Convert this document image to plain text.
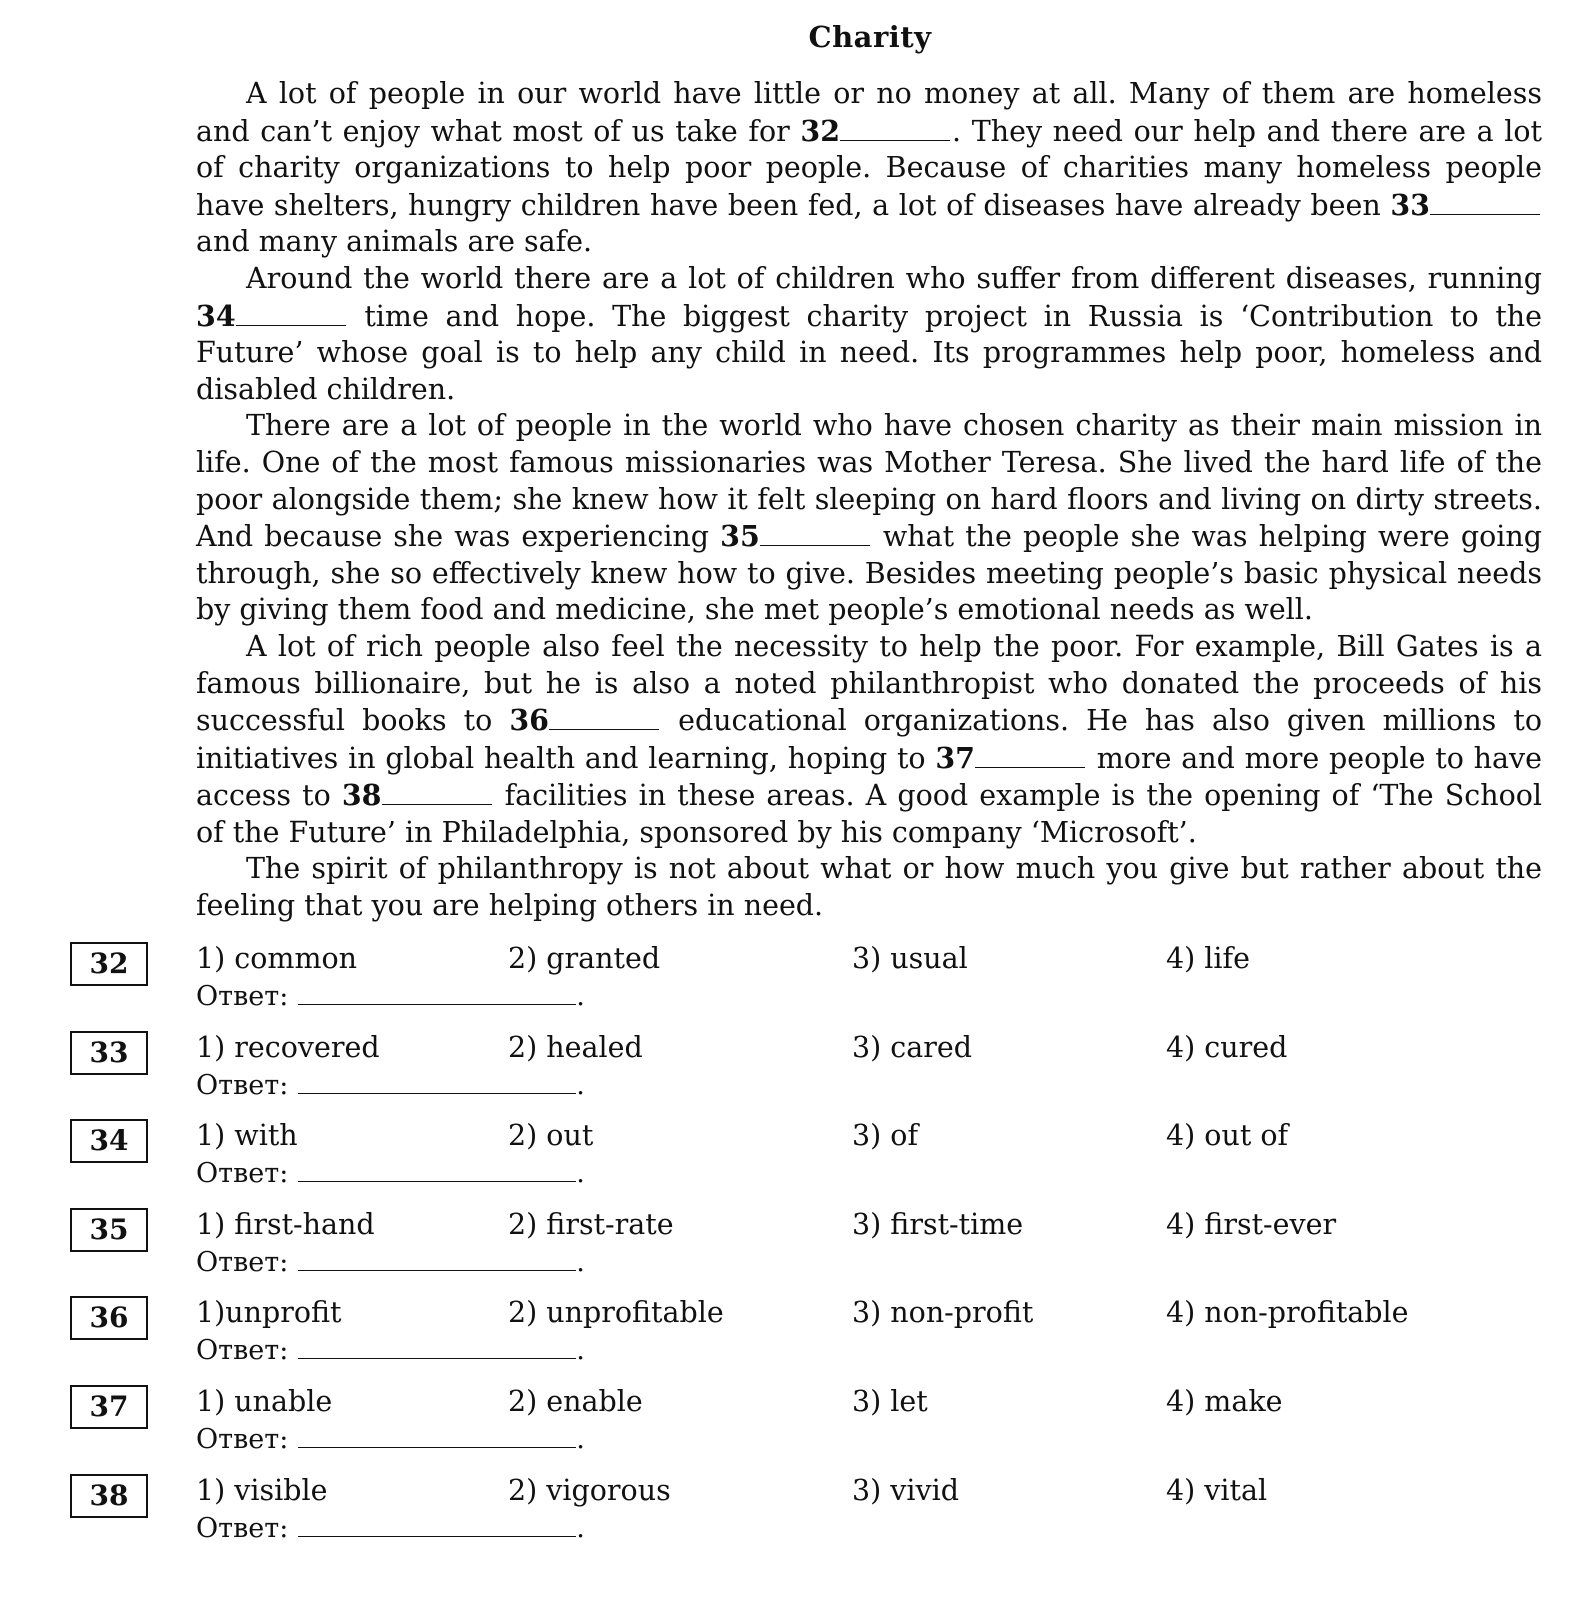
Charity

A lot of people in our world have little or no money at all. Many of them are homeless and can’t enjoy what most of us take for 32	. They need our help and there are a lot of charity organizations to help poor people. Because of charities many homeless people have shelters, hungry children have been fed, a lot of diseases have already been 33 and many animals are safe.

Around the world there are a lot of children who suffer from different diseases, running 34	time and hope. The biggest charity project in Russia is ‘Contribution to the Future’ whose goal is to help any child in need. Its programmes help poor, homeless and disabled children.

There are a lot of people in the world who have chosen charity as their main mission in life. One of the most famous missionaries was Mother Teresa. She lived the hard life of the poor alongside them; she knew how it felt sleeping on hard floors and living on dirty streets. And because she was experiencing 35	what the people she was helping were going through, she so effectively knew how to give. Besides meeting people’s basic physical needs by giving them food and medicine, she met people’s emotional needs as well.

A lot of rich people also feel the necessity to help the poor. For example, Bill Gates is a famous billionaire, but he is also a noted philanthropist who donated the proceeds of his successful books to 36	educational organizations. He has also given millions to initiatives in global health and learning, hoping to 37	more and more people to have access to 38	facilities in these areas. A good example is the opening of ‘The School of the Future’ in Philadelphia, sponsored by his company ‘Microsoft’.

The spirit of philanthropy is not about what or how much you give but rather about the feeling that you are helping others in need.

32	1) common	2) granted	3) usual	4) life
Ответ:	.
33	1) recovered	2) healed	3) cared	4) cured
Ответ:	.
34	1) with	2) out	3) of	4) out of
Ответ:	.
35	1) first-hand	2) first-rate	3) first-time	4) first-ever
Ответ:	.
36	1)unprofit	2) unprofitable	3) non-profit	4) non-profitable
Ответ:	.
37	1) unable	2) enable	3) let	4) make
Ответ:	.
38	1) visible	2) vigorous	3) vivid	4) vital
Ответ:	.
